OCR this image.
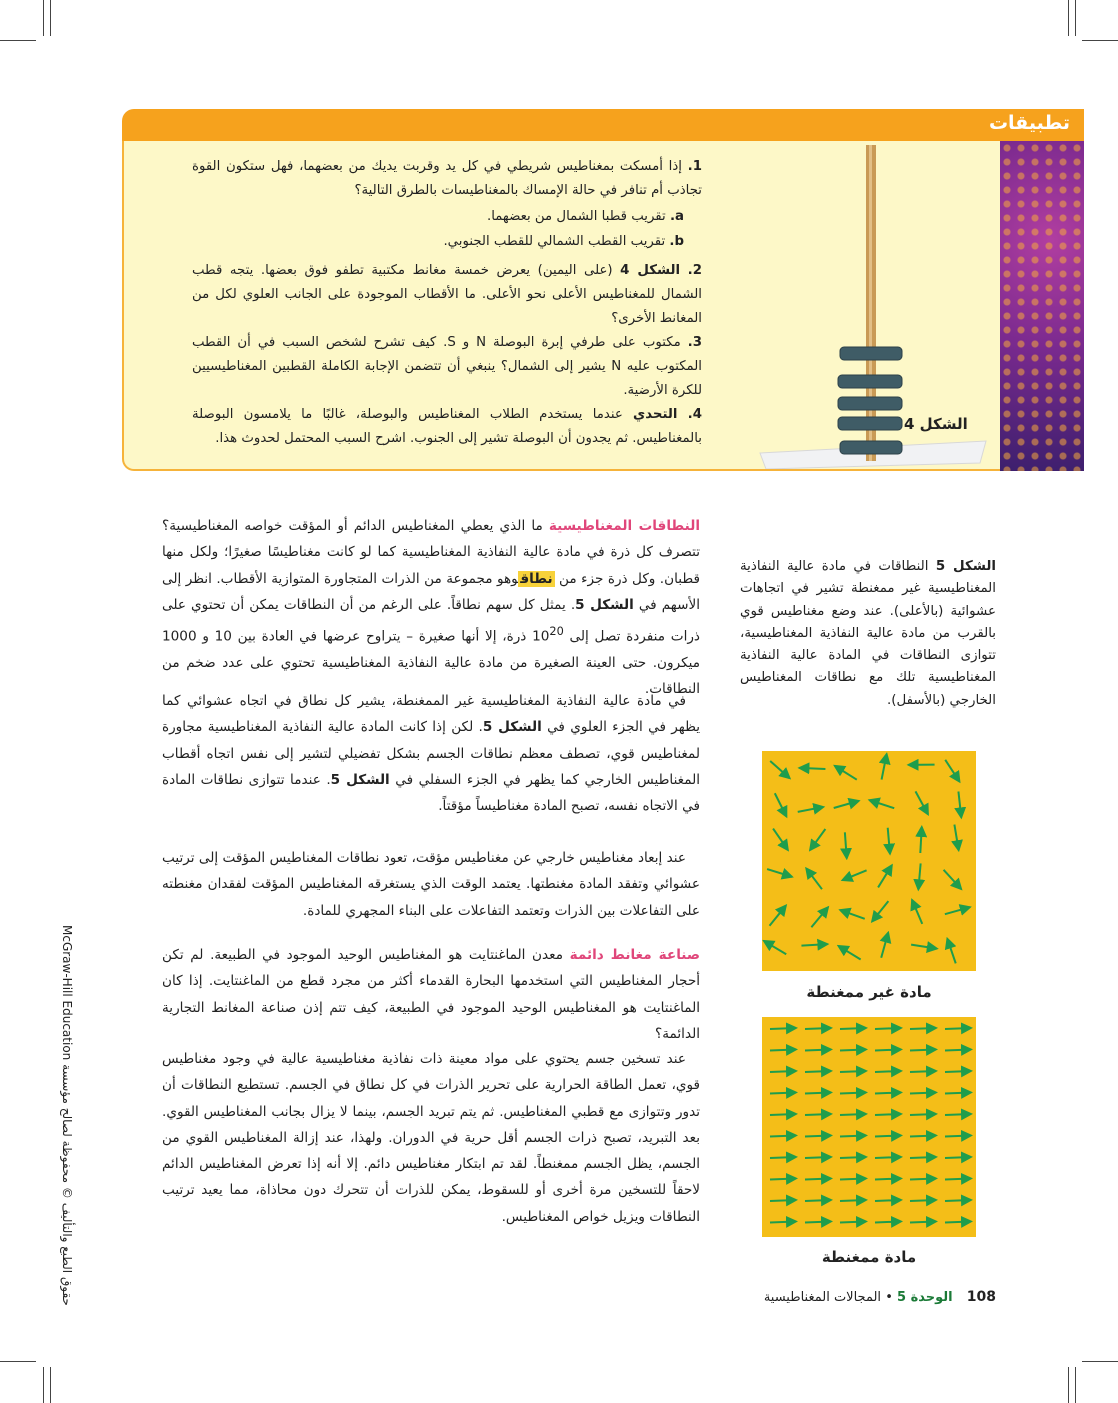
تطبيقات
الشكل 4
1. إذا أمسكت بمغناطيس شريطي في كل يد وقربت يديك من بعضهما، فهل ستكون القوة تجاذب أم تنافر في حالة الإمساك بالمغناطيسات بالطرق التالية؟
a. تقريب قطبا الشمال من بعضهما.
b. تقريب القطب الشمالي للقطب الجنوبي.
2. الشكل 4 (على اليمين) يعرض خمسة مغانط مكتبية تطفو فوق بعضها. يتجه قطب الشمال للمغناطيس الأعلى نحو الأعلى. ما الأقطاب الموجودة على الجانب العلوي لكل من المغانط الأخرى؟
3. مكتوب على طرفي إبرة البوصلة N و S. كيف تشرح لشخص السبب في أن القطب المكتوب عليه N يشير إلى الشمال؟ ينبغي أن تتضمن الإجابة الكاملة القطبين المغناطيسيين للكرة الأرضية.
4. التحدي عندما يستخدم الطلاب المغناطيس والبوصلة، غالبًا ما يلامسون البوصلة بالمغناطيس. ثم يجدون أن البوصلة تشير إلى الجنوب. اشرح السبب المحتمل لحدوث هذا.
النطاقات المغناطيسية ما الذي يعطي المغناطيس الدائم أو المؤقت خواصه المغناطيسية؟ تتصرف كل ذرة في مادة عالية النفاذية المغناطيسية كما لو كانت مغناطيسًا صغيرًا؛ ولكل منها قطبان. وكل ذرة جزء من نطاقوهو مجموعة من الذرات المتجاورة المتوازية الأقطاب. انظر إلى الأسهم في الشكل 5. يمثل كل سهم نطاقاً. على الرغم من أن النطاقات يمكن أن تحتوي على ذرات منفردة تصل إلى $10^{20}$ ذرة، إلا أنها صغيرة – يتراوح عرضها في العادة بين 10 و 1000 ميكرون. حتى العينة الصغيرة من مادة عالية النفاذية المغناطيسية تحتوي على عدد ضخم من النطاقات.
في مادة عالية النفاذية المغناطيسية غير الممغنطة، يشير كل نطاق في اتجاه عشوائي كما يظهر في الجزء العلوي في الشكل 5. لكن إذا كانت المادة عالية النفاذية المغناطيسية مجاورة لمغناطيس قوي، تصطف معظم نطاقات الجسم بشكل تفضيلي لتشير إلى نفس اتجاه أقطاب المغناطيس الخارجي كما يظهر في الجزء السفلي في الشكل 5. عندما تتوازى نطاقات المادة في الاتجاه نفسه، تصبح المادة مغناطيساً مؤقتاً.
عند إبعاد مغناطيس خارجي عن مغناطيس مؤقت، تعود نطاقات المغناطيس المؤقت إلى ترتيب عشوائي وتفقد المادة مغنطتها. يعتمد الوقت الذي يستغرقه المغناطيس المؤقت لفقدان مغنطته على التفاعلات بين الذرات وتعتمد التفاعلات على البناء المجهري للمادة.
صناعة مغانط دائمة معدن الماغنتايت هو المغناطيس الوحيد الموجود في الطبيعة. لم تكن أحجار المغناطيس التي استخدمها البحارة القدماء أكثر من مجرد قطع من الماغنتايت. إذا كان الماغنتايت هو المغناطيس الوحيد الموجود في الطبيعة، كيف تتم إذن صناعة المغانط التجارية الدائمة؟
عند تسخين جسم يحتوي على مواد معينة ذات نفاذية مغناطيسية عالية في وجود مغناطيس قوي، تعمل الطاقة الحرارية على تحرير الذرات في كل نطاق في الجسم. تستطيع النطاقات أن تدور وتتوازى مع قطبي المغناطيس. ثم يتم تبريد الجسم، بينما لا يزال بجانب المغناطيس القوي. بعد التبريد، تصبح ذرات الجسم أقل حرية في الدوران. ولهذا، عند إزالة المغناطيس القوي من الجسم، يظل الجسم ممغنطاً. لقد تم ابتكار مغناطيس دائم. إلا أنه إذا تعرض المغناطيس الدائم لاحقاً للتسخين مرة أخرى أو للسقوط، يمكن للذرات أن تتحرك دون محاذاة، مما يعيد ترتيب النطاقات ويزيل خواص المغناطيس.
الشكل 5 النطاقات في مادة عالية النفاذية المغناطيسية غير ممغنطة تشير في اتجاهات عشوائية (بالأعلى). عند وضع مغناطيس قوي بالقرب من مادة عالية النفاذية المغناطيسية، تتوازى النطاقات في المادة عالية النفاذية المغناطيسية تلك مع نطاقات المغناطيس الخارجي (بالأسفل).
مادة غير ممغنطة
مادة ممغنطة
108 الوحدة 5 • المجالات المغناطيسية
McGraw-Hill Education حقوق الطبع والتأليف © محفوظة لصالح مؤسسة
